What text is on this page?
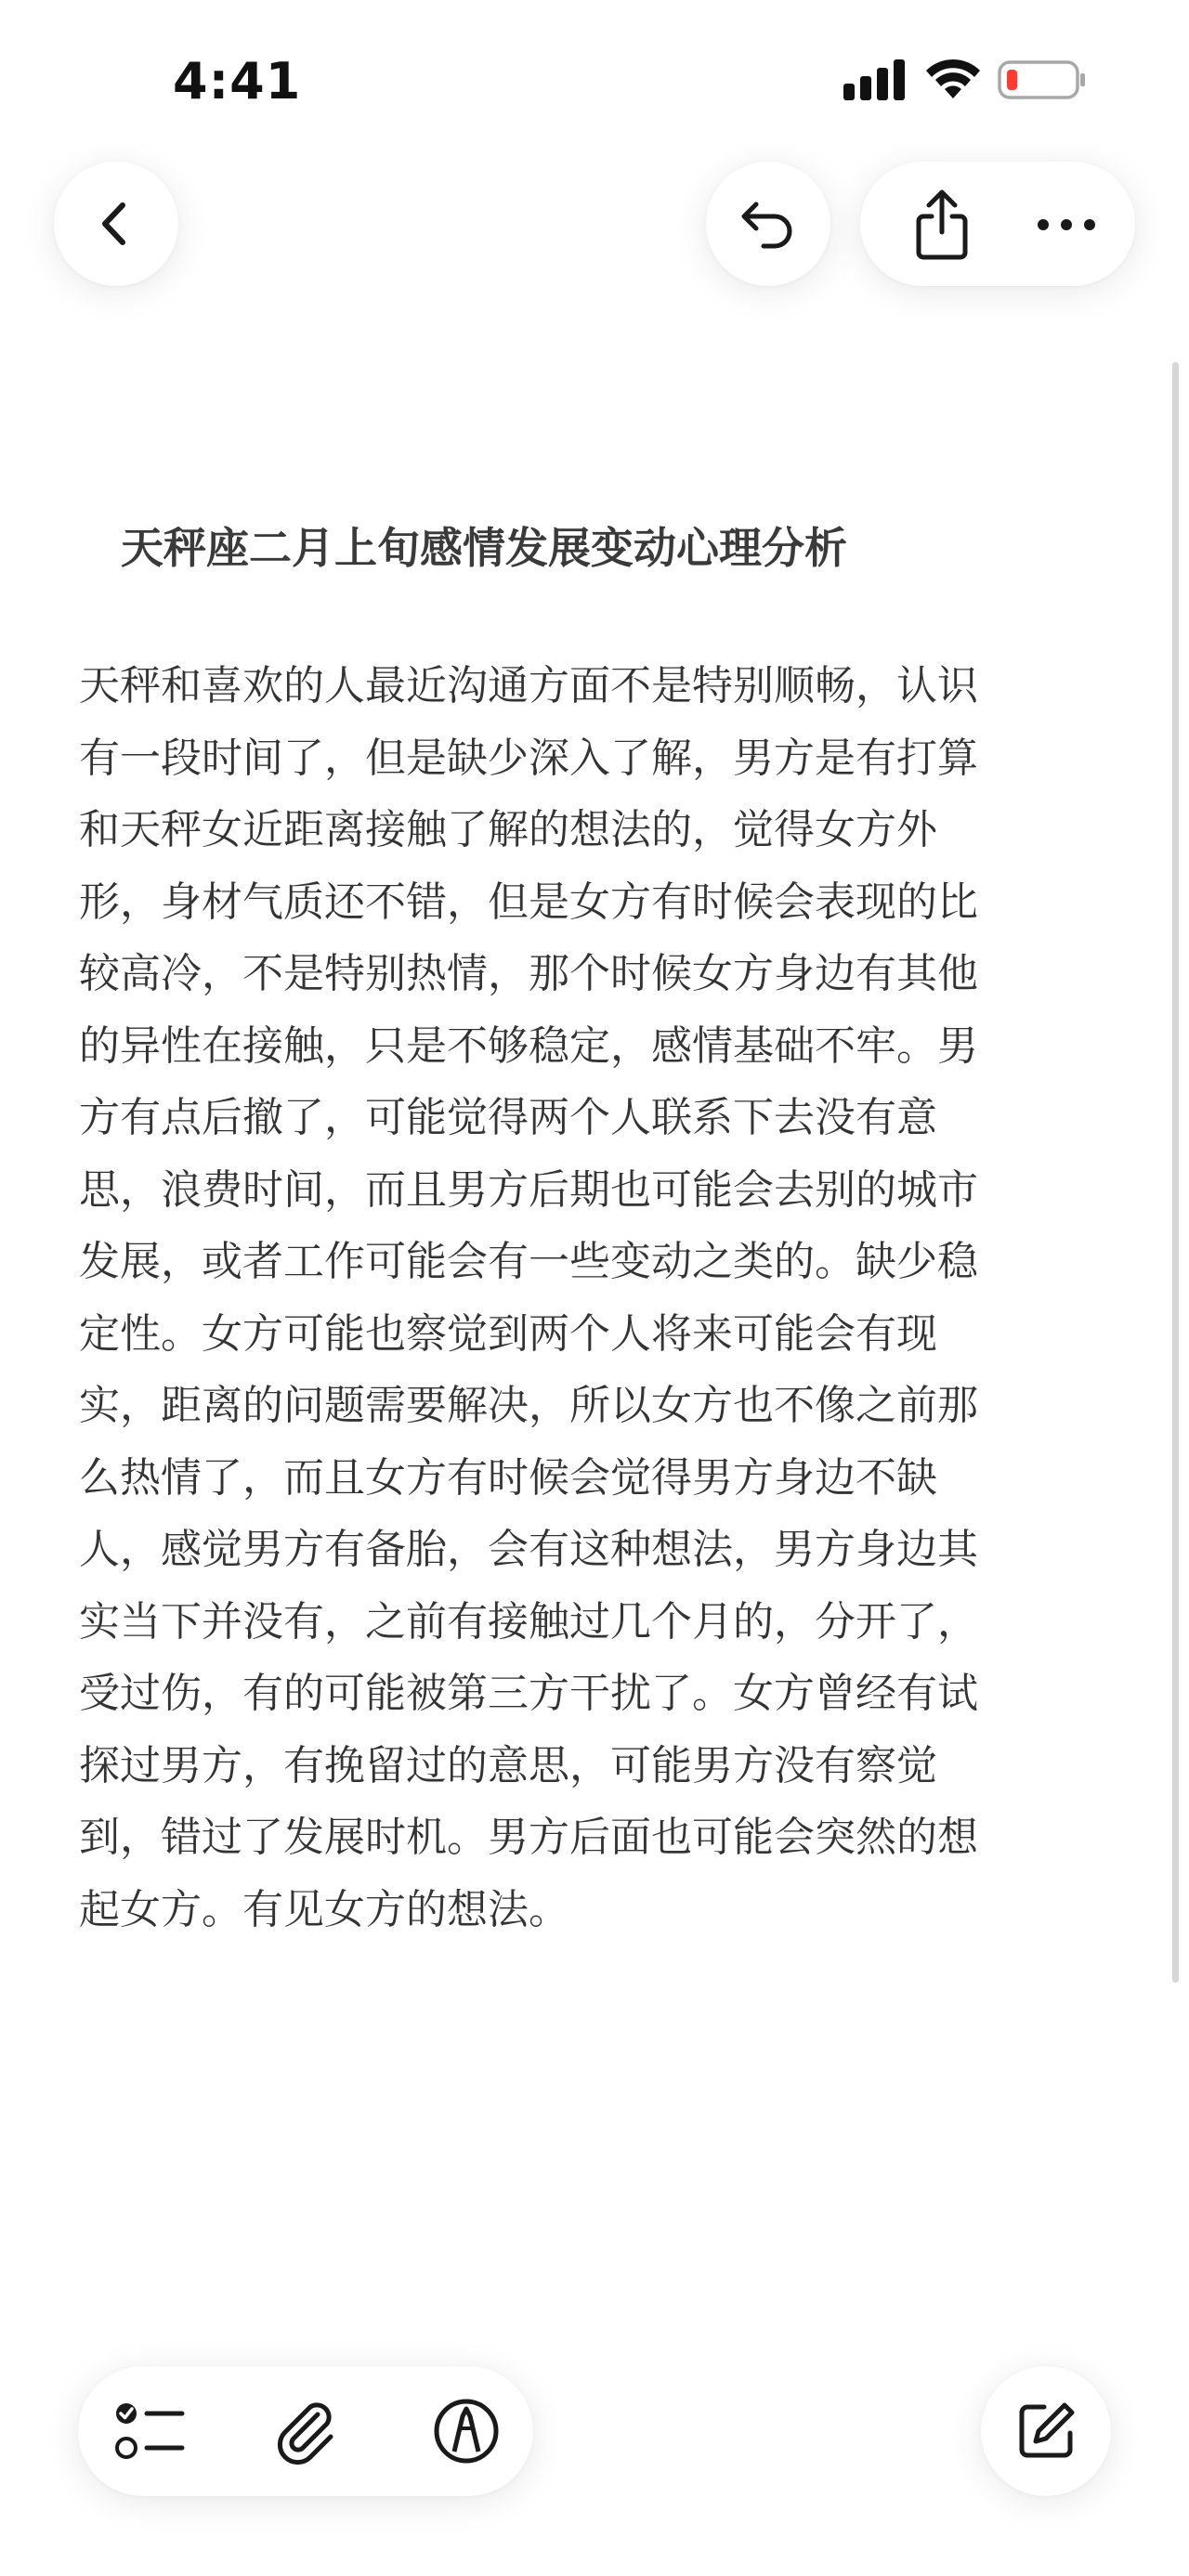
4:41
天秤座二月上旬感情发展变动心理分析
天秤和喜欢的人最近沟通方面不是特别顺畅，认识
有一段时间了，但是缺少深入了解，男方是有打算
和天秤女近距离接触了解的想法的，觉得女方外
形，身材气质还不错，但是女方有时候会表现的比
较高冷，不是特别热情，那个时候女方身边有其他
的异性在接触，只是不够稳定，感情基础不牢。男
方有点后撤了，可能觉得两个人联系下去没有意
思，浪费时间，而且男方后期也可能会去别的城市
发展，或者工作可能会有一些变动之类的。缺少稳
定性。女方可能也察觉到两个人将来可能会有现
实，距离的问题需要解决，所以女方也不像之前那
么热情了，而且女方有时候会觉得男方身边不缺
人，感觉男方有备胎，会有这种想法，男方身边其
实当下并没有，之前有接触过几个月的，分开了，
受过伤，有的可能被第三方干扰了。女方曾经有试
探过男方，有挽留过的意思，可能男方没有察觉
到，错过了发展时机。男方后面也可能会突然的想
起女方。有见女方的想法。
